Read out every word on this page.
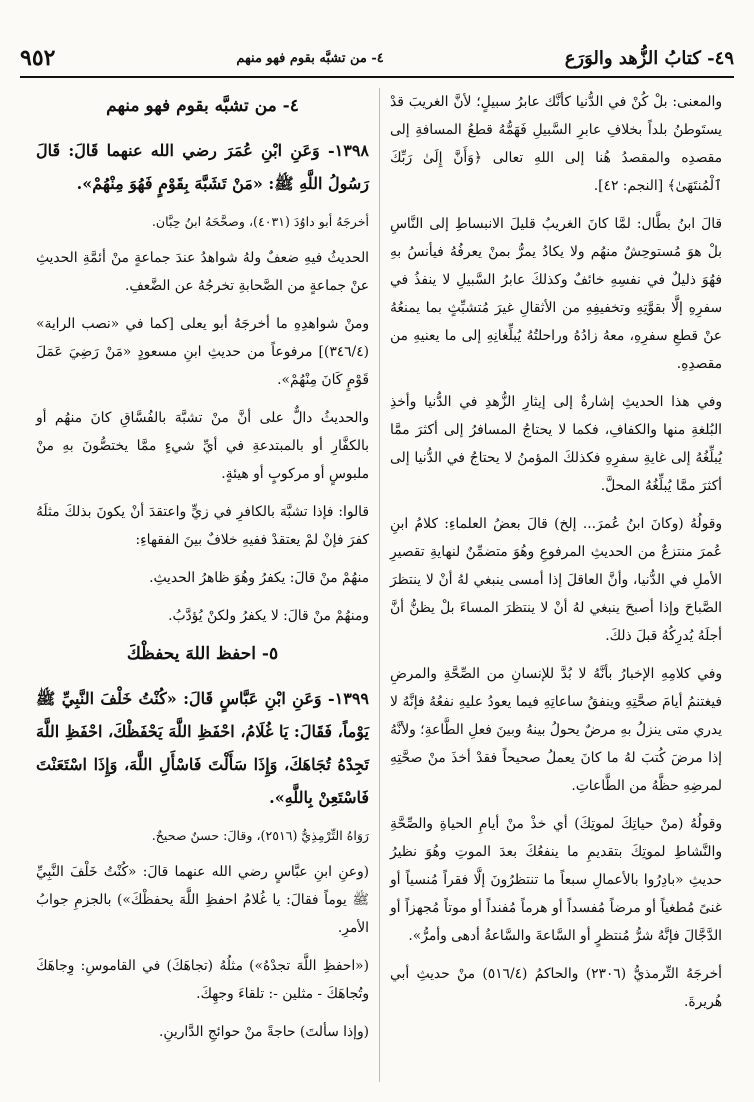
٩٥٢	٤- من تشبَّه بقوم فهو منهم	٤٩- كتابُ الزُّهد والوَرَع

والمعنى: بلْ كُنْ في الدُّنيا كأنَّك عابرُ سبيلٍ؛ لأنَّ الغريبَ قدْ يستَوطنُ بلداً بخلافِ عابرِ السَّبيلِ فَهَمُّهُ قطعُ المسافةِ إلى مقصدِه والمقصدُ هُنا إلى اللهِ تعالى ﴿وَأَنَّ إِلَىٰ رَبِّكَ ٱلْمُنتَهَىٰ﴾ [النجم: ٤٢].

قالَ ابنُ بطَّال: لمَّا كانَ الغريبُ قليلَ الانبساطِ إلى النَّاسِ بلْ هوَ مُستوحِشٌ منهُم ولا يكادُ يمرُّ بمنْ يعرفُهُ فيأنسُ بهِ فهُوَ ذليلٌ في نفسِهِ خائفٌ وكذلكَ عابرُ السَّبيلِ لا ينفذُ في سفرِهِ إلَّا بقوَّتِهِ وتخفيفِهِ من الأثقالِ غيرَ مُتشبِّثٍ بما يمنعُهُ عنْ قطعِ سفرِهِ، معهُ زادُهُ وراحلتُهُ يُبلِّغانِهِ إلى ما يعنيهِ من مقصدِهِ.

وفي هذا الحديثِ إشارةٌ إلى إيثارِ الزُّهدِ في الدُّنيا وأخذِ البُلغةِ منها والكفافِ، فكما لا يحتاجُ المسافرُ إلى أكثرَ ممَّا يُبلِّغُهُ إلى غايةِ سفرِهِ فكذلكَ المؤمنُ لا يحتاجُ في الدُّنيا إلى أكثرَ ممَّا يُبلِّغُهُ المحلَّ.

وقولُهُ (وكانَ ابنُ عُمرَ... إلخ) قالَ بعضُ العلماءِ: كلامُ ابنِ عُمرَ منتزعٌ من الحديثِ المرفوعِ وهُوَ متضمِّنٌ لنهايةِ تقصيرِ الأملِ في الدُّنيا، وأنَّ العاقلَ إذا أمسى ينبغي لهُ أنْ لا ينتظرَ الصَّباحَ وإذا أصبحَ ينبغي لهُ أنْ لا ينتظرَ المساءَ بلْ يظنُّ أنَّ أجلَهُ يُدرِكُهُ قبلَ ذلكَ.

وفي كلامِهِ الإخبارُ بأنَّهُ لا بُدَّ للإنسانِ من الصِّحَّةِ والمرضِ فيغتنمُ أيامَ صحَّتِهِ وينفقُ ساعاتِهِ فيما يعودُ عليهِ نفعُهُ فإنَّهُ لا يدري متى ينزلُ بهِ مرضٌ يحولُ بينهُ وبينَ فعلِ الطَّاعةِ؛ ولأنَّهُ إذا مرضَ كُتبَ لهُ ما كانَ يعملُ صحيحاً فقدْ أخذَ منْ صحَّتِهِ لمرضِهِ حظَّهُ من الطَّاعاتِ.

وقولُهُ (منْ حياتِكَ لموتِكَ) أي خذْ منْ أيامِ الحياةِ والصِّحَّةِ والنَّشاطِ لموتِكَ بتقديمِ ما ينفعُكَ بعدَ الموتِ وهُوَ نظيرُ حديثِ «بادِرُوا بالأعمالِ سبعاً ما تنتظرُونَ إلَّا فقراً مُنسياً أو غنىً مُطغياً أو مرضاً مُفسداً أو هرماً مُفنداً أو موتاً مُجهزاً أو الدَّجَّالَ فإنَّهُ شرُّ مُنتظرٍ أو السَّاعةَ والسَّاعةُ أدهى وأمرُّ».

أخرجَهُ التِّرمذيُّ (٢٣٠٦) والحاكمُ (٥١٦/٤) منْ حديثِ أبي هُريرةَ.

٤- من تشبَّه بقوم فهو منهم

١٣٩٨- وَعَنِ ابْنِ عُمَرَ رضي الله عنهما قَالَ: قَالَ رَسُولُ اللَّهِ ﷺ: «مَنْ تَشَبَّهَ بِقَوْمٍ فَهُوَ مِنْهُمْ».

أخرجَهُ أبو داوُدَ (٤٠٣١)، وصحَّحَهُ ابنُ حِبَّان.

الحديثُ فيهِ ضعفٌ ولهُ شواهدُ عندَ جماعةٍ منْ أئمَّةِ الحديثِ عنْ جماعةٍ من الصَّحابةِ تخرجُهُ عن الضَّعفِ.

ومنْ شواهدِهِ ما أخرجَهُ أبو يعلى [كما في «نصب الراية» (٣٤٦/٤)] مرفوعاً من حديثِ ابنِ مسعودٍ «مَنْ رَضِيَ عَمَلَ قَوْمٍ كَانَ مِنْهُمْ».

والحديثُ دالٌّ على أنَّ منْ تشبَّهَ بالفُسَّاقِ كانَ منهُم أو بالكفَّارِ أو بالمبتدعةِ في أيِّ شيءٍ ممَّا يختصُّونَ بهِ منْ ملبوسٍ أو مركوبٍ أو هيئةٍ.

قالوا: فإذا تشبَّهَ بالكافرِ في زيٍّ واعتقدَ أنْ يكونَ بذلكَ مثلَهُ كفرَ فإنْ لمْ يعتقدْ ففيهِ خلافٌ بينَ الفقهاءِ:

منهُمْ منْ قالَ: يكفرُ وهُوَ ظاهرُ الحديثِ.

ومنهُمْ منْ قالَ: لا يكفرُ ولكنْ يُؤدَّبُ.

٥- احفظ اللهَ يحفظْكَ

١٣٩٩- وَعَنِ ابْنِ عَبَّاسٍ قَالَ: «كُنْتُ خَلْفَ النَّبِيِّ ﷺ يَوْماً، فَقَالَ: يَا غُلَامُ، احْفَظِ اللَّهَ يَحْفَظْكَ، احْفَظِ اللَّهَ تَجِدْهُ تُجَاهَكَ، وَإِذَا سَأَلْتَ فَاسْأَلِ اللَّهَ، وَإِذَا اسْتَعَنْتَ فَاسْتَعِنْ بِاللَّهِ».

رَوَاهُ التِّرْمِذِيُّ (٢٥١٦)، وقالَ: حسنٌ صحيحٌ.

(وعنِ ابنِ عبَّاسٍ رضي الله عنهما قالَ: «كُنْتُ خَلْفَ النَّبِيِّ ﷺ يوماً فقالَ: يا غُلامُ احفظِ اللَّهَ يحفظْكَ») بالجزمِ جوابُ الأمرِ.

(«احفظِ اللَّهَ تجدْهُ») مثلُهُ (تجاهَكَ) في القاموسِ: وِجاهَكَ وتُجاهَكَ - مثلين -: تلقاءَ وجهِكَ.

(وإذا سألتَ) حاجةً منْ حوائجِ الدَّارينِ.
